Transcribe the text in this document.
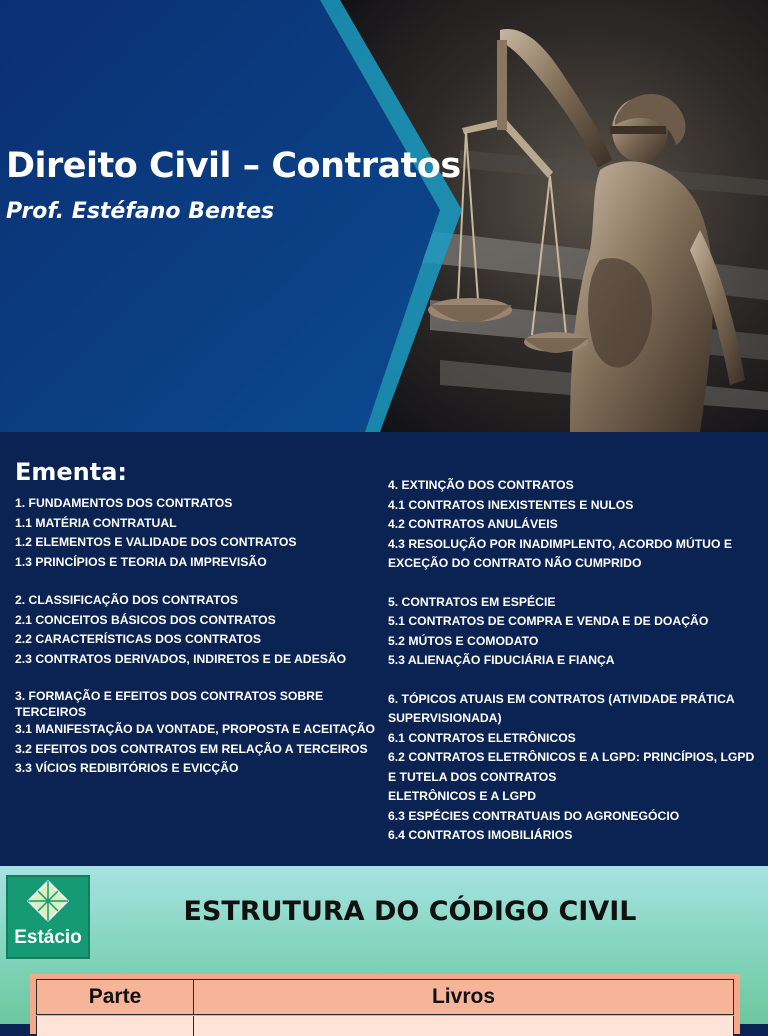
Direito Civil – Contratos

Prof. Estéfano Bentes

Ementa:
1. FUNDAMENTOS DOS CONTRATOS
1.1 MATÉRIA CONTRATUAL
1.2 ELEMENTOS E VALIDADE DOS CONTRATOS
1.3 PRINCÍPIOS E TEORIA DA IMPREVISÃO
2. CLASSIFICAÇÃO DOS CONTRATOS
2.1 CONCEITOS BÁSICOS DOS CONTRATOS
2.2 CARACTERÍSTICAS DOS CONTRATOS
2.3 CONTRATOS DERIVADOS, INDIRETOS E DE ADESÃO
3. FORMAÇÃO E EFEITOS DOS CONTRATOS SOBRE TERCEIROS
3.1 MANIFESTAÇÃO DA VONTADE, PROPOSTA E ACEITAÇÃO
3.2 EFEITOS DOS CONTRATOS EM RELAÇÃO A TERCEIROS
3.3 VÍCIOS REDIBITÓRIOS E EVICÇÃO
4. EXTINÇÃO DOS CONTRATOS
4.1 CONTRATOS INEXISTENTES E NULOS
4.2 CONTRATOS ANULÁVEIS
4.3 RESOLUÇÃO POR INADIMPLENTO, ACORDO MÚTUO E EXCEÇÃO DO CONTRATO NÃO CUMPRIDO
5. CONTRATOS EM ESPÉCIE
5.1 CONTRATOS DE COMPRA E VENDA E DE DOAÇÃO
5.2 MÚTOS E COMODATO
5.3 ALIENAÇÃO FIDUCIÁRIA E FIANÇA
6. TÓPICOS ATUAIS EM CONTRATOS (ATIVIDADE PRÁTICA SUPERVISIONADA)
6.1 CONTRATOS ELETRÔNICOS
6.2 CONTRATOS ELETRÔNICOS E A LGPD: PRINCÍPIOS, LGPD E TUTELA DOS CONTRATOS
ELETRÔNICOS E A LGPD
6.3 ESPÉCIES CONTRATUAIS DO AGRONEGÓCIO
6.4 CONTRATOS IMOBILIÁRIOS
Estácio
ESTRUTURA DO CÓDIGO CIVIL
Parte	Livros
